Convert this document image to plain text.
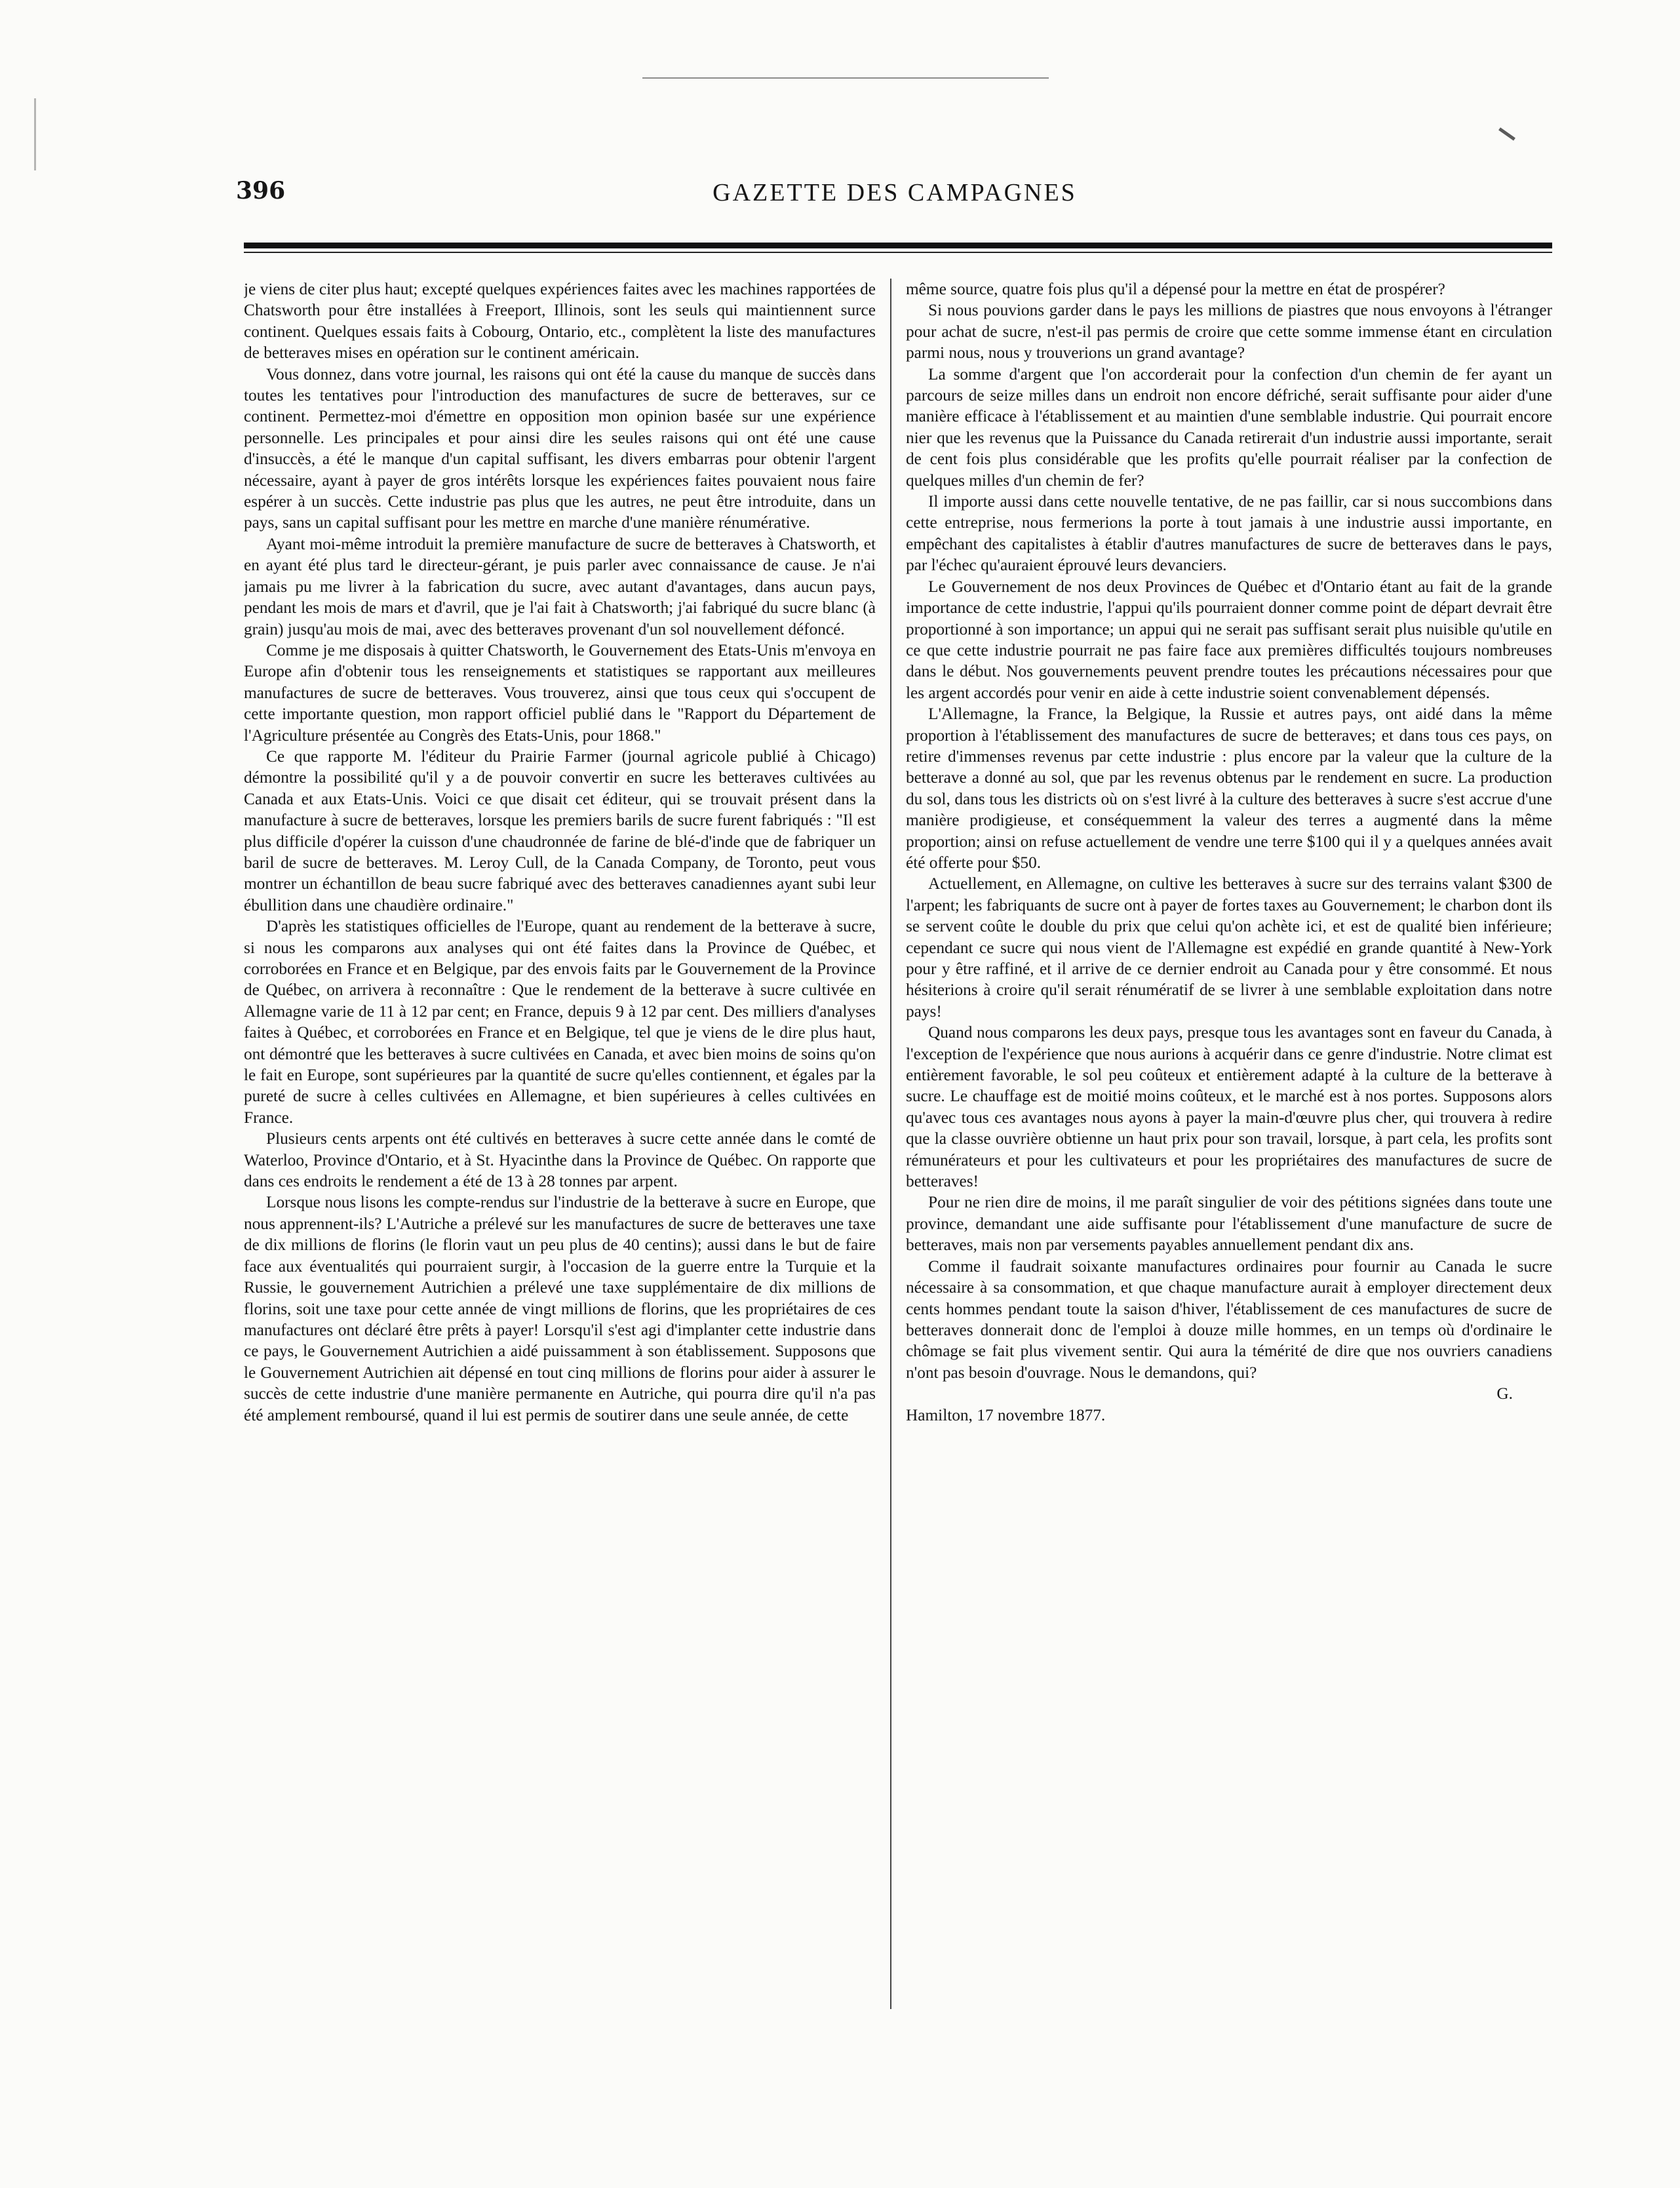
396	GAZETTE DES CAMPAGNES

je viens de citer plus haut; excepté quelques expériences faites avec les machines rapportées de Chatsworth pour être installées à Freeport, Illinois, sont les seuls qui maintiennent surce continent. Quelques essais faits à Cobourg, Ontario, etc., complètent la liste des manufactures de betteraves mises en opération sur le continent américain.

Vous donnez, dans votre journal, les raisons qui ont été la cause du manque de succès dans toutes les tentatives pour l'introduction des manufactures de sucre de betteraves, sur ce continent. Permettez-moi d'émettre en opposition mon opinion basée sur une expérience personnelle. Les principales et pour ainsi dire les seules raisons qui ont été une cause d'insuccès, a été le manque d'un capital suffisant, les divers embarras pour obtenir l'argent nécessaire, ayant à payer de gros intérêts lorsque les expériences faites pouvaient nous faire espérer à un succès. Cette industrie pas plus que les autres, ne peut être introduite, dans un pays, sans un capital suffisant pour les mettre en marche d'une manière rénumérative.

Ayant moi-même introduit la première manufacture de sucre de betteraves à Chatsworth, et en ayant été plus tard le directeur-gérant, je puis parler avec connaissance de cause. Je n'ai jamais pu me livrer à la fabrication du sucre, avec autant d'avantages, dans aucun pays, pendant les mois de mars et d'avril, que je l'ai fait à Chatsworth; j'ai fabriqué du sucre blanc (à grain) jusqu'au mois de mai, avec des betteraves provenant d'un sol nouvellement défoncé.

Comme je me disposais à quitter Chatsworth, le Gouvernement des Etats-Unis m'envoya en Europe afin d'obtenir tous les renseignements et statistiques se rapportant aux meilleures manufactures de sucre de betteraves. Vous trouverez, ainsi que tous ceux qui s'occupent de cette importante question, mon rapport officiel publié dans le "Rapport du Département de l'Agriculture présentée au Congrès des Etats-Unis, pour 1868."

Ce que rapporte M. l'éditeur du Prairie Farmer (journal agricole publié à Chicago) démontre la possibilité qu'il y a de pouvoir convertir en sucre les betteraves cultivées au Canada et aux Etats-Unis. Voici ce que disait cet éditeur, qui se trouvait présent dans la manufacture à sucre de betteraves, lorsque les premiers barils de sucre furent fabriqués : "Il est plus difficile d'opérer la cuisson d'une chaudronnée de farine de blé-d'inde que de fabriquer un baril de sucre de betteraves. M. Leroy Cull, de la Canada Company, de Toronto, peut vous montrer un échantillon de beau sucre fabriqué avec des betteraves canadiennes ayant subi leur ébullition dans une chaudière ordinaire."

D'après les statistiques officielles de l'Europe, quant au rendement de la betterave à sucre, si nous les comparons aux analyses qui ont été faites dans la Province de Québec, et corroborées en France et en Belgique, par des envois faits par le Gouvernement de la Province de Québec, on arrivera à reconnaître : Que le rendement de la betterave à sucre cultivée en Allemagne varie de 11 à 12 par cent; en France, depuis 9 à 12 par cent. Des milliers d'analyses faites à Québec, et corroborées en France et en Belgique, tel que je viens de le dire plus haut, ont démontré que les betteraves à sucre cultivées en Canada, et avec bien moins de soins qu'on le fait en Europe, sont supérieures par la quantité de sucre qu'elles contiennent, et égales par la pureté de sucre à celles cultivées en Allemagne, et bien supérieures à celles cultivées en France.

Plusieurs cents arpents ont été cultivés en betteraves à sucre cette année dans le comté de Waterloo, Province d'Ontario, et à St. Hyacinthe dans la Province de Québec. On rapporte que dans ces endroits le rendement a été de 13 à 28 tonnes par arpent.

Lorsque nous lisons les compte-rendus sur l'industrie de la betterave à sucre en Europe, que nous apprennent-ils? L'Autriche a prélevé sur les manufactures de sucre de betteraves une taxe de dix millions de florins (le florin vaut un peu plus de 40 centins); aussi dans le but de faire face aux éventualités qui pourraient surgir, à l'occasion de la guerre entre la Turquie et la Russie, le gouvernement Autrichien a prélevé une taxe supplémentaire de dix millions de florins, soit une taxe pour cette année de vingt millions de florins, que les propriétaires de ces manufactures ont déclaré être prêts à payer! Lorsqu'il s'est agi d'implanter cette industrie dans ce pays, le Gouvernement Autrichien a aidé puissamment à son établissement. Supposons que le Gouvernement Autrichien ait dépensé en tout cinq millions de florins pour aider à assurer le succès de cette industrie d'une manière permanente en Autriche, qui pourra dire qu'il n'a pas été amplement remboursé, quand il lui est permis de soutirer dans une seule année, de cette

même source, quatre fois plus qu'il a dépensé pour la mettre en état de prospérer?

Si nous pouvions garder dans le pays les millions de piastres que nous envoyons à l'étranger pour achat de sucre, n'est-il pas permis de croire que cette somme immense étant en circulation parmi nous, nous y trouverions un grand avantage?

La somme d'argent que l'on accorderait pour la confection d'un chemin de fer ayant un parcours de seize milles dans un endroit non encore défriché, serait suffisante pour aider d'une manière efficace à l'établissement et au maintien d'une semblable industrie. Qui pourrait encore nier que les revenus que la Puissance du Canada retirerait d'un industrie aussi importante, serait de cent fois plus considérable que les profits qu'elle pourrait réaliser par la confection de quelques milles d'un chemin de fer?

Il importe aussi dans cette nouvelle tentative, de ne pas faillir, car si nous succombions dans cette entreprise, nous fermerions la porte à tout jamais à une industrie aussi importante, en empêchant des capitalistes à établir d'autres manufactures de sucre de betteraves dans le pays, par l'échec qu'auraient éprouvé leurs devanciers.

Le Gouvernement de nos deux Provinces de Québec et d'Ontario étant au fait de la grande importance de cette industrie, l'appui qu'ils pourraient donner comme point de départ devrait être proportionné à son importance; un appui qui ne serait pas suffisant serait plus nuisible qu'utile en ce que cette industrie pourrait ne pas faire face aux premières difficultés toujours nombreuses dans le début. Nos gouvernements peuvent prendre toutes les précautions nécessaires pour que les argent accordés pour venir en aide à cette industrie soient convenablement dépensés.

L'Allemagne, la France, la Belgique, la Russie et autres pays, ont aidé dans la même proportion à l'établissement des manufactures de sucre de betteraves; et dans tous ces pays, on retire d'immenses revenus par cette industrie : plus encore par la valeur que la culture de la betterave a donné au sol, que par les revenus obtenus par le rendement en sucre. La production du sol, dans tous les districts où on s'est livré à la culture des betteraves à sucre s'est accrue d'une manière prodigieuse, et conséquemment la valeur des terres a augmenté dans la même proportion; ainsi on refuse actuellement de vendre une terre $100 qui il y a quelques années avait été offerte pour $50.

Actuellement, en Allemagne, on cultive les betteraves à sucre sur des terrains valant $300 de l'arpent; les fabriquants de sucre ont à payer de fortes taxes au Gouvernement; le charbon dont ils se servent coûte le double du prix que celui qu'on achète ici, et est de qualité bien inférieure; cependant ce sucre qui nous vient de l'Allemagne est expédié en grande quantité à New-York pour y être raffiné, et il arrive de ce dernier endroit au Canada pour y être consommé. Et nous hésiterions à croire qu'il serait rénumératif de se livrer à une semblable exploitation dans notre pays!

Quand nous comparons les deux pays, presque tous les avantages sont en faveur du Canada, à l'exception de l'expérience que nous aurions à acquérir dans ce genre d'industrie. Notre climat est entièrement favorable, le sol peu coûteux et entièrement adapté à la culture de la betterave à sucre. Le chauffage est de moitié moins coûteux, et le marché est à nos portes. Supposons alors qu'avec tous ces avantages nous ayons à payer la main-d'œuvre plus cher, qui trouvera à redire que la classe ouvrière obtienne un haut prix pour son travail, lorsque, à part cela, les profits sont rémunérateurs et pour les cultivateurs et pour les propriétaires des manufactures de sucre de betteraves!

Pour ne rien dire de moins, il me paraît singulier de voir des pétitions signées dans toute une province, demandant une aide suffisante pour l'établissement d'une manufacture de sucre de betteraves, mais non par versements payables annuellement pendant dix ans.

Comme il faudrait soixante manufactures ordinaires pour fournir au Canada le sucre nécessaire à sa consommation, et que chaque manufacture aurait à employer directement deux cents hommes pendant toute la saison d'hiver, l'établissement de ces manufactures de sucre de betteraves donnerait donc de l'emploi à douze mille hommes, en un temps où d'ordinaire le chômage se fait plus vivement sentir. Qui aura la témérité de dire que nos ouvriers canadiens n'ont pas besoin d'ouvrage. Nous le demandons, qui?

G.

Hamilton, 17 novembre 1877.
